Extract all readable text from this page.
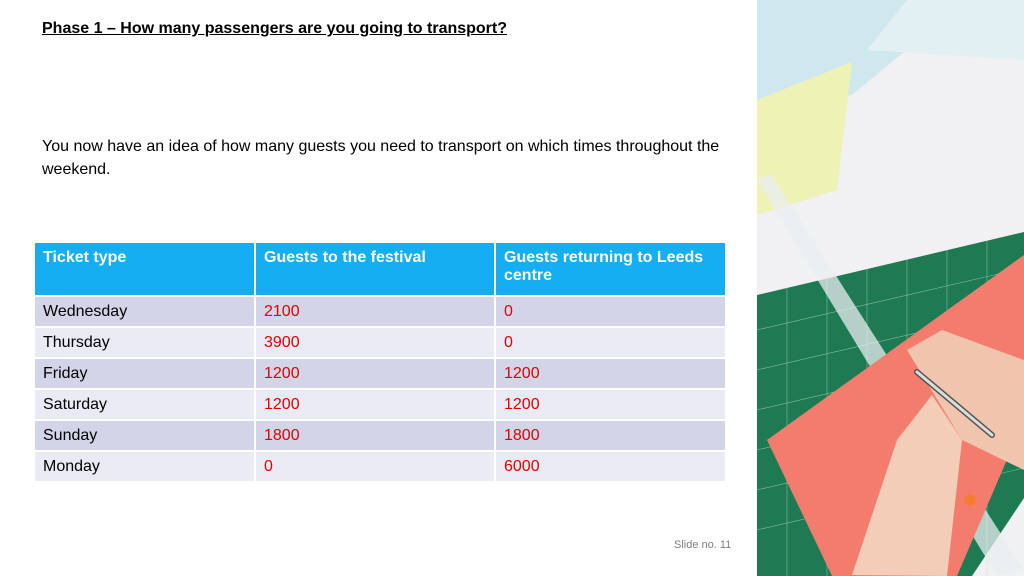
Phase 1 – How many passengers are you going to transport?
You now have an idea of how many guests you need to transport on which times throughout the weekend.
Ticket type	Guests to the festival	Guests returning to Leeds centre
Wednesday	2100	0
Thursday	3900	0
Friday	1200	1200
Saturday	1200	1200
Sunday	1800	1800
Monday	0	6000
Slide no. 11
